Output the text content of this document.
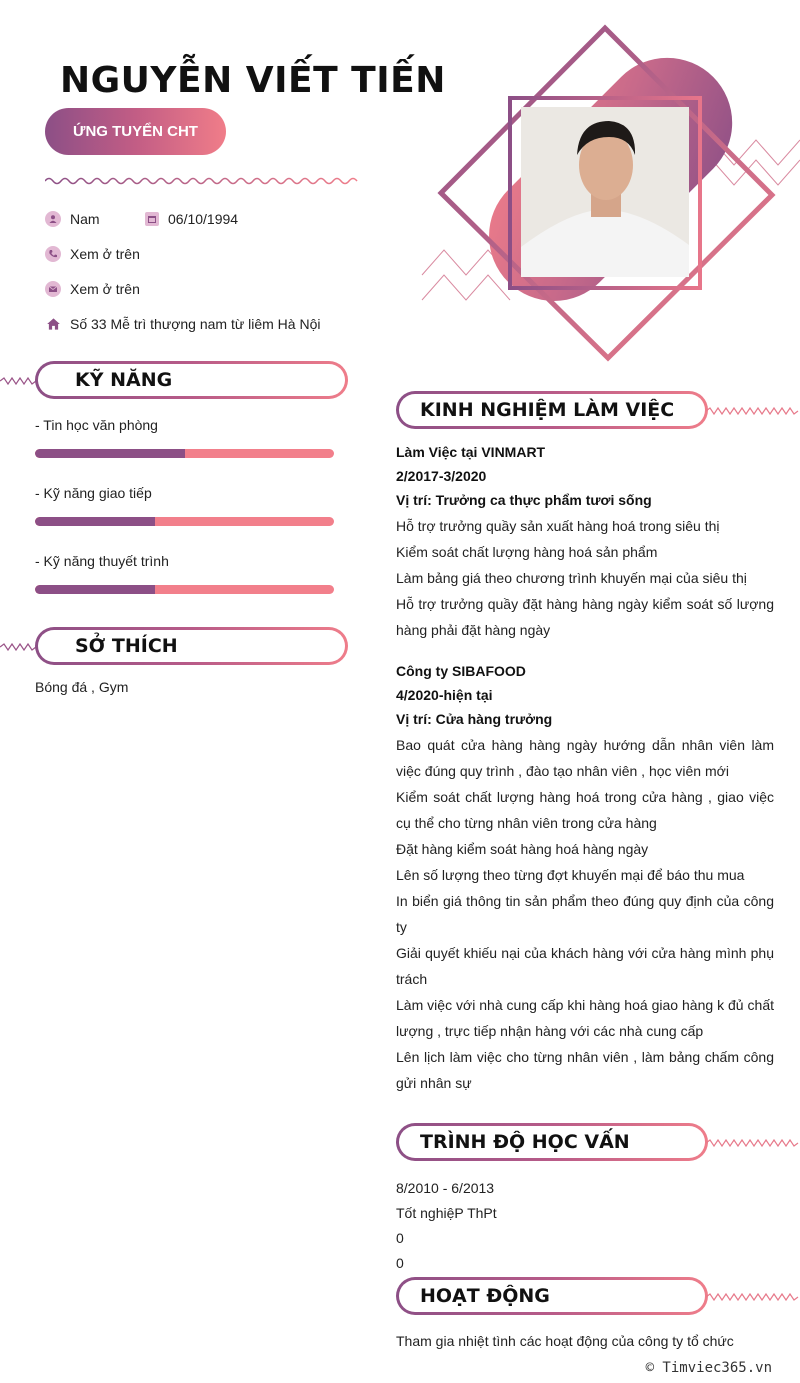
NGUYỄN VIẾT TIẾN
ỨNG TUYỂN CHT
Nam	06/10/1994
Xem ở trên
Xem ở trên
Số 33 Mễ trì thượng nam từ liêm Hà Nội
KỸ NĂNG
- Tin học văn phòng
- Kỹ năng giao tiếp
- Kỹ năng thuyết trình
SỞ THÍCH
Bóng đá , Gym
KINH NGHIỆM LÀM VIỆC
Làm Việc tại VINMART
2/2017-3/2020
Vị trí: Trưởng ca thực phẩm tươi sống
Hỗ trợ trưởng quầy sản xuất hàng hoá trong siêu thị
Kiểm soát chất lượng hàng hoá sản phẩm
Làm bảng giá theo chương trình khuyến mại của siêu thị
Hỗ trợ trưởng quầy đặt hàng hàng ngày kiểm soát số lượng hàng phải đặt hàng ngày
Công ty SIBAFOOD
4/2020-hiện tại
Vị trí: Cửa hàng trưởng
Bao quát cửa hàng hàng ngày hướng dẫn nhân viên làm việc đúng quy trình , đào tạo nhân viên , học viên mới
Kiểm soát chất lượng hàng hoá trong cửa hàng , giao việc cụ thể cho từng nhân viên trong cửa hàng
Đặt hàng kiểm soát hàng hoá hàng ngày
Lên số lượng theo từng đợt khuyến mại để báo thu mua
In biển giá thông tin sản phẩm theo đúng quy định của công ty
Giải quyết khiếu nại của khách hàng với cửa hàng mình phụ trách
Làm việc với nhà cung cấp khi hàng hoá giao hàng k đủ chất lượng , trực tiếp nhận hàng với các nhà cung cấp
Lên lịch làm việc cho từng nhân viên , làm bảng chấm công gửi nhân sự
TRÌNH ĐỘ HỌC VẤN
8/2010 - 6/2013
Tốt nghiệP ThPt
0
0
HOẠT ĐỘNG
Tham gia nhiệt tình các hoạt động của công ty tổ chức
© Timviec365.vn
